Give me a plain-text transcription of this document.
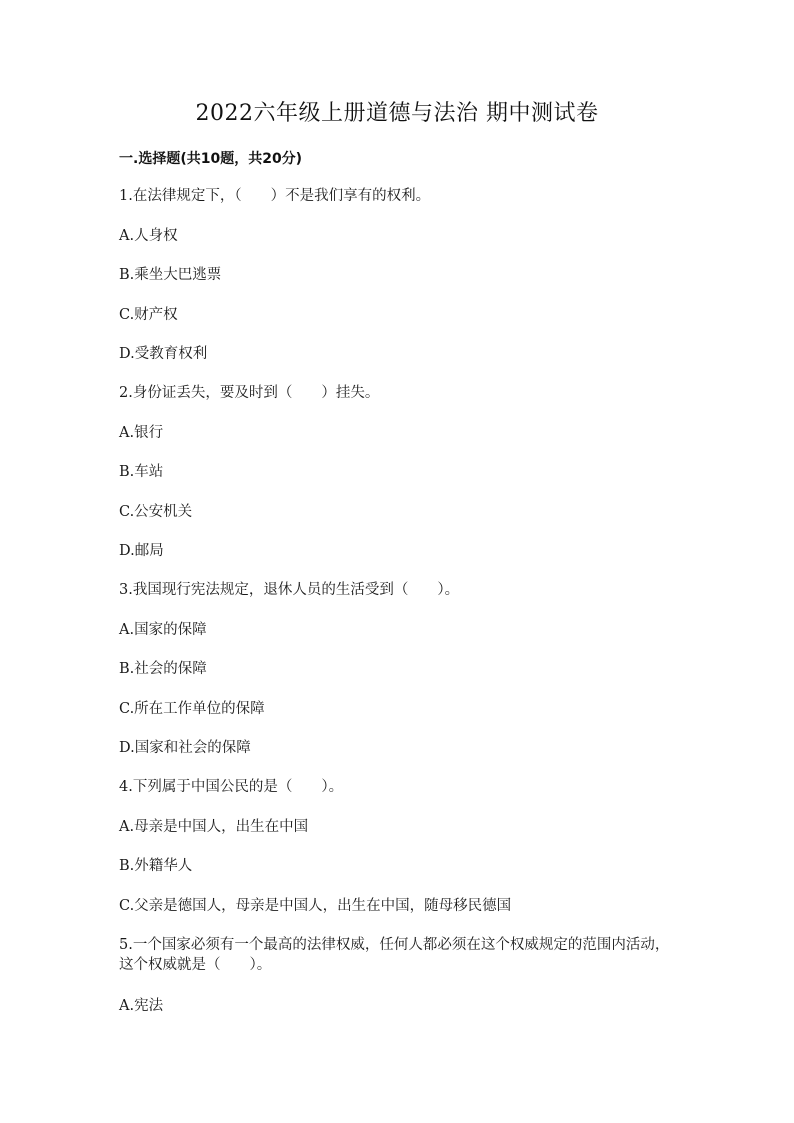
2022六年级上册道德与法治 期中测试卷
一.选择题(共10题，共20分)
1.在法律规定下，（　　）不是我们享有的权利。
A.人身权
B.乘坐大巴逃票
C.财产权
D.受教育权利
2.身份证丢失，要及时到（　　）挂失。
A.银行
B.车站
C.公安机关
D.邮局
3.我国现行宪法规定，退休人员的生活受到（　　）。
A.国家的保障
B.社会的保障
C.所在工作单位的保障
D.国家和社会的保障
4.下列属于中国公民的是（　　）。
A.母亲是中国人，出生在中国
B.外籍华人
C.父亲是德国人，母亲是中国人，出生在中国，随母移民德国
5.一个国家必须有一个最高的法律权威，任何人都必须在这个权威规定的范围内活动，这个权威就是（　　）。
A.宪法
